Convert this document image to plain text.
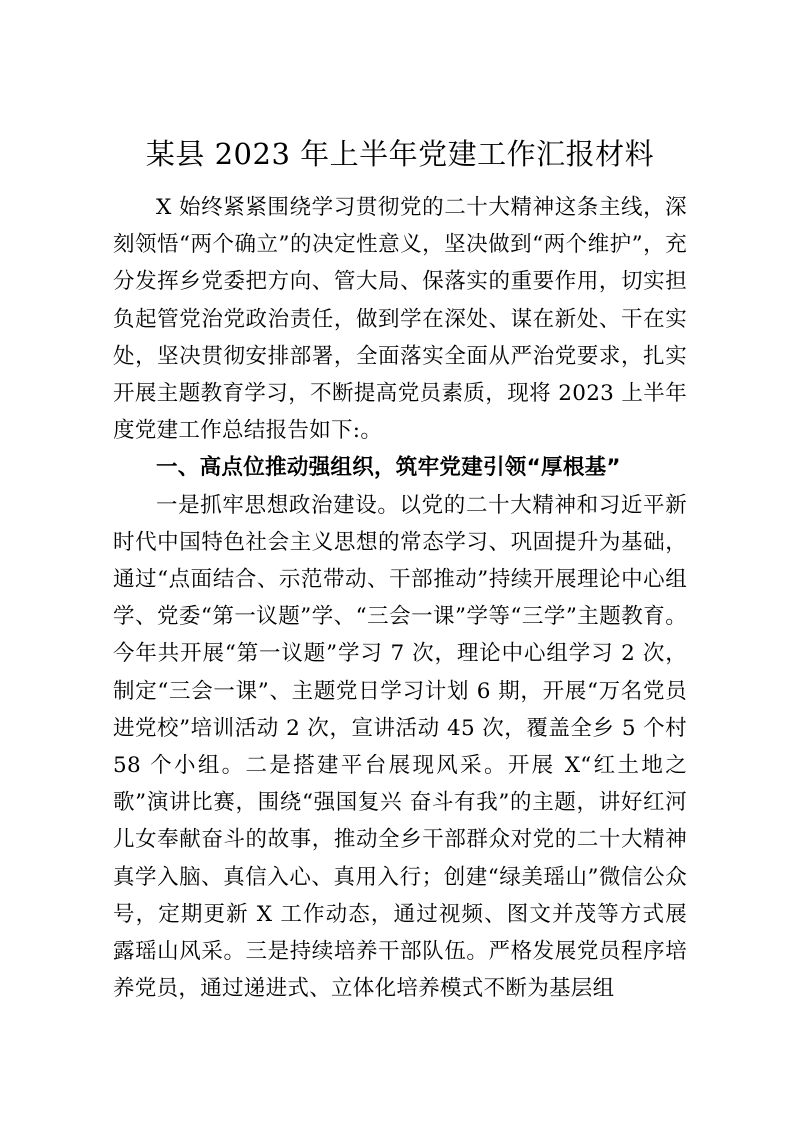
某县 2023 年上半年党建工作汇报材料

X 始终紧紧围绕学习贯彻党的二十大精神这条主线，深刻领悟“两个确立”的决定性意义，坚决做到“两个维护”，充分发挥乡党委把方向、管大局、保落实的重要作用，切实担负起管党治党政治责任，做到学在深处、谋在新处、干在实处，坚决贯彻安排部署，全面落实全面从严治党要求，扎实开展主题教育学习，不断提高党员素质，现将 2023 上半年度党建工作总结报告如下:。

一、高点位推动强组织，筑牢党建引领“厚根基”

一是抓牢思想政治建设。以党的二十大精神和习近平新时代中国特色社会主义思想的常态学习、巩固提升为基础，通过“点面结合、示范带动、干部推动”持续开展理论中心组学、党委“第一议题”学、“三会一课”学等“三学”主题教育。今年共开展“第一议题”学习 7 次，理论中心组学习 2 次，制定“三会一课”、主题党日学习计划 6 期，开展“万名党员进党校”培训活动 2 次，宣讲活动 45 次，覆盖全乡 5 个村 58 个小组。二是搭建平台展现风采。开展 X“红土地之歌”演讲比赛，围绕“强国复兴 奋斗有我”的主题，讲好红河儿女奉献奋斗的故事，推动全乡干部群众对党的二十大精神真学入脑、真信入心、真用入行；创建“绿美瑶山”微信公众号，定期更新 X 工作动态，通过视频、图文并茂等方式展露瑶山风采。三是持续培养干部队伍。严格发展党员程序培养党员，通过递进式、立体化培养模式不断为基层组
